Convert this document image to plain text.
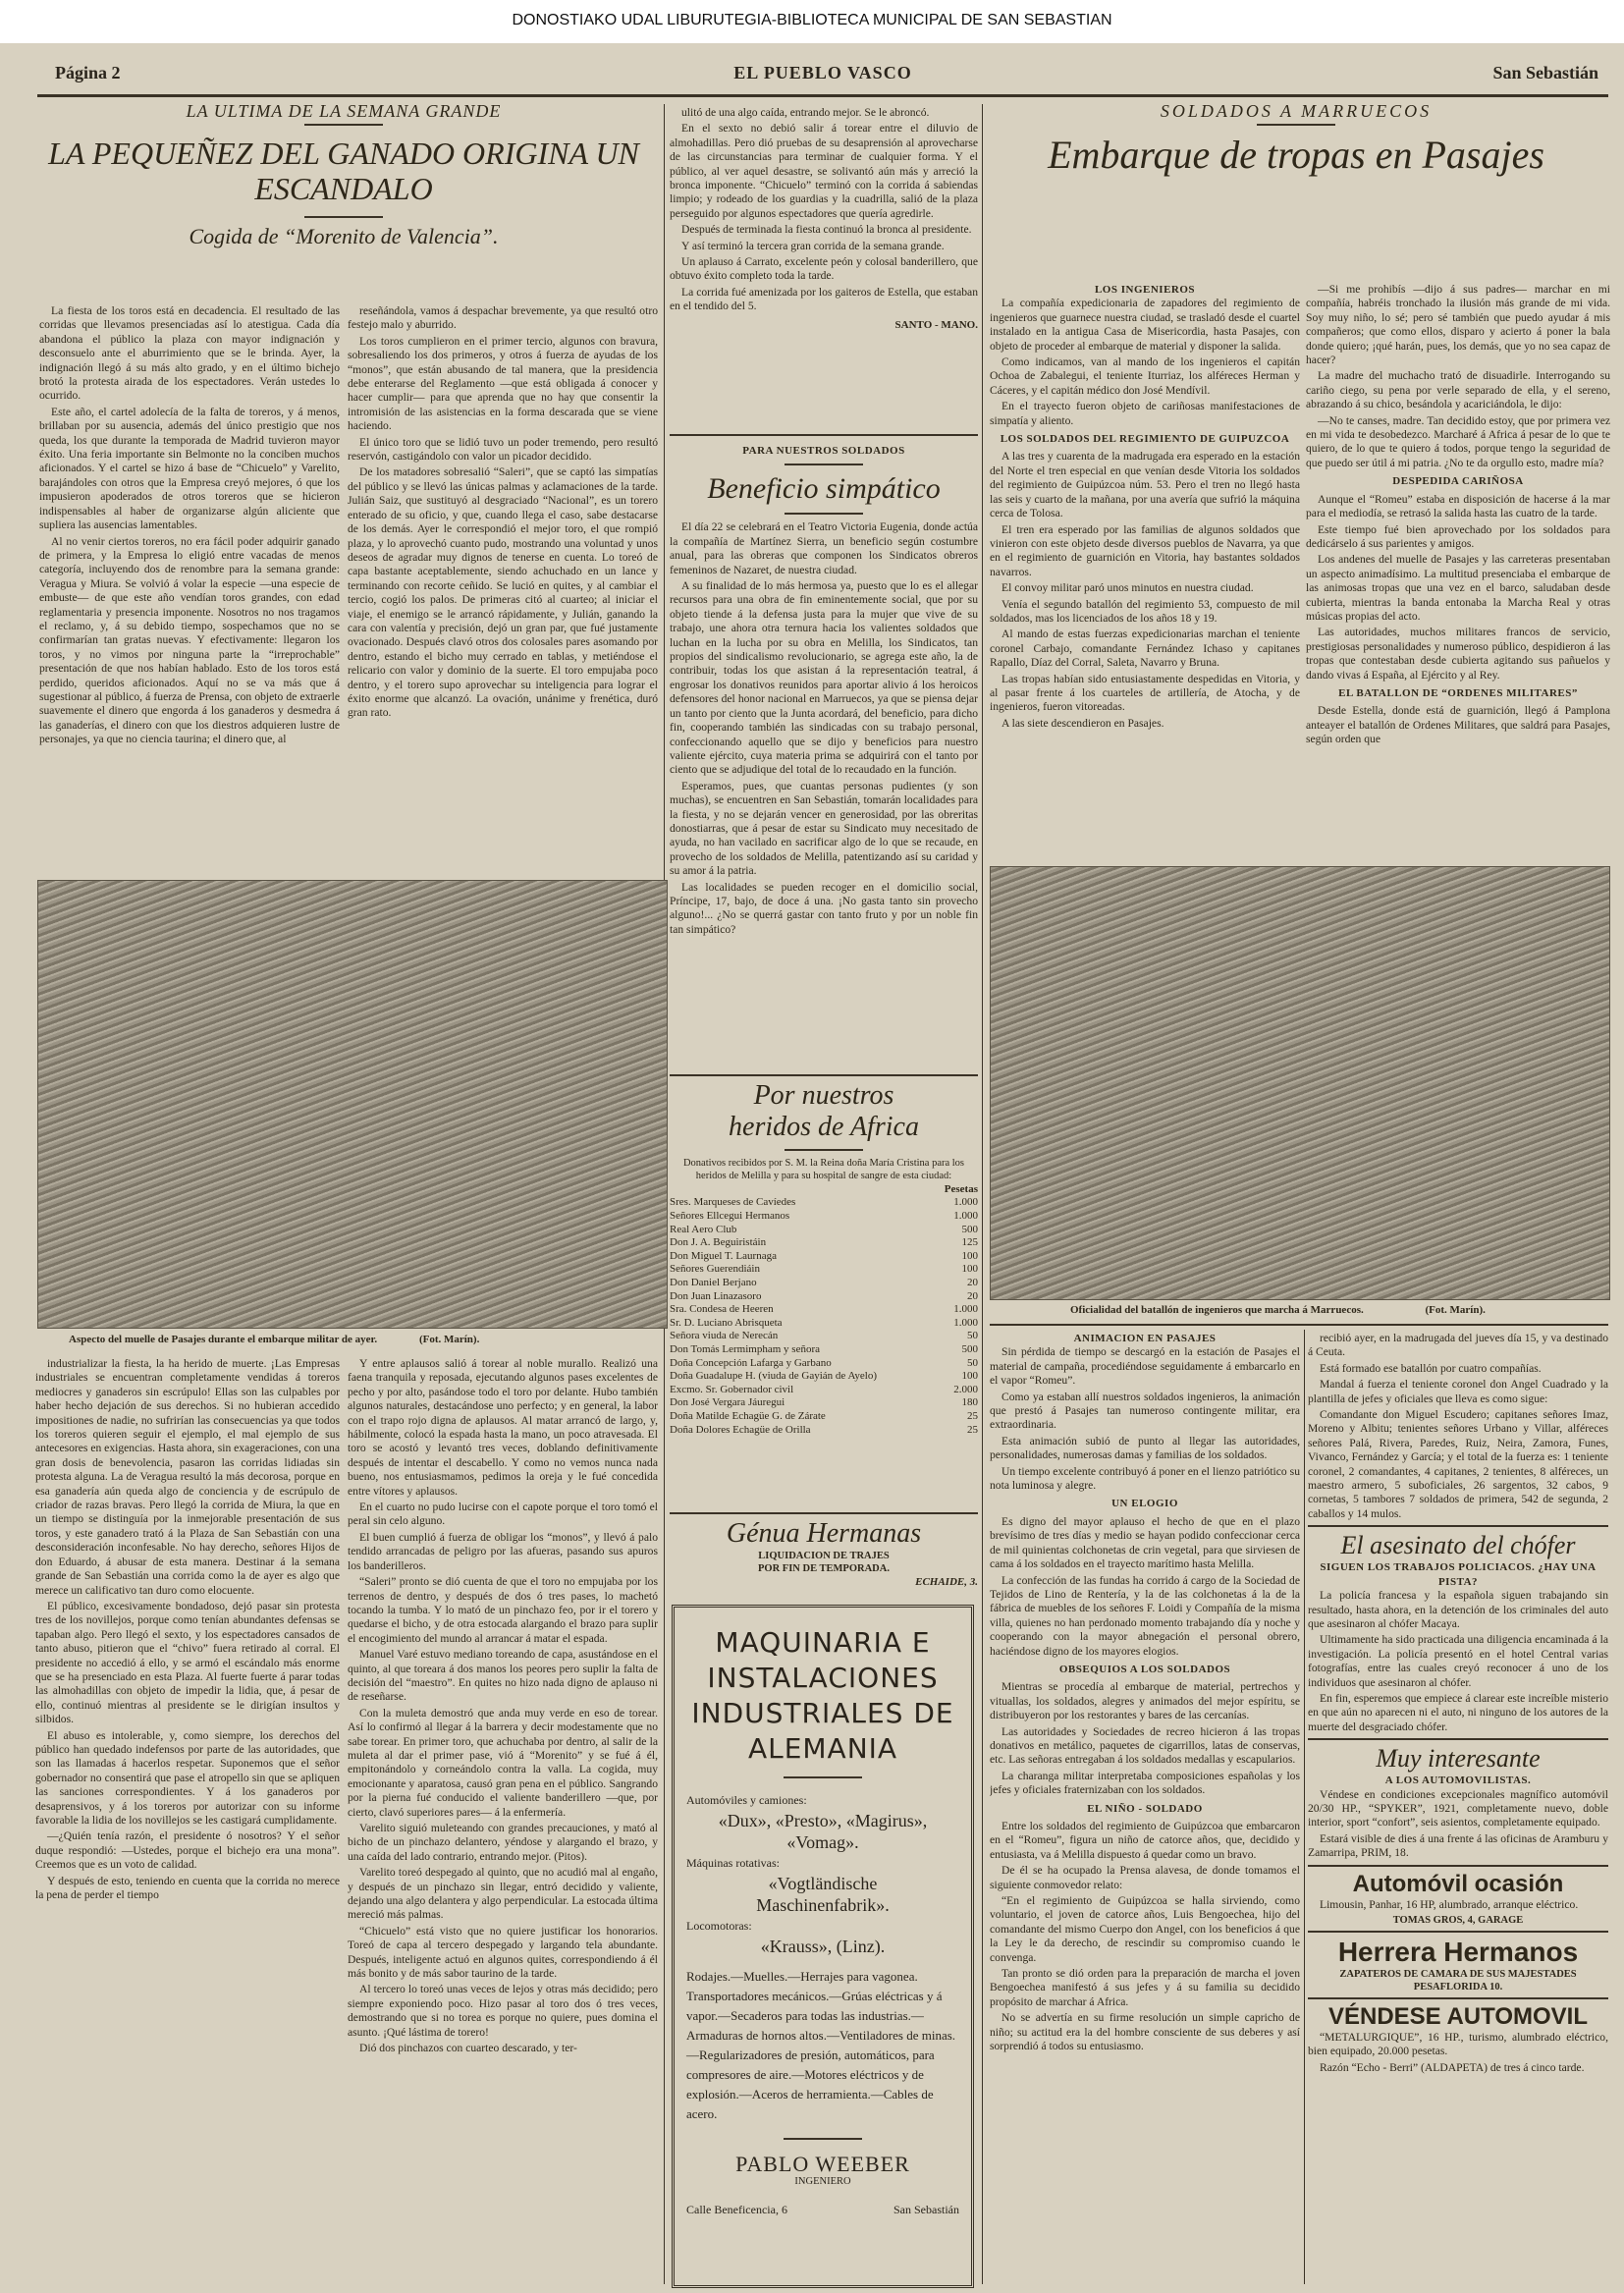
DONOSTIAKO UDAL LIBURUTEGIA-BIBLIOTECA MUNICIPAL DE SAN SEBASTIAN
Página 2	EL PUEBLO VASCO	San Sebastián
LA ULTIMA DE LA SEMANA GRANDE
LA PEQUEÑEZ DEL GANADO ORIGINA UN ESCANDALO
Cogida de “Morenito de Valencia”.

La fiesta de los toros está en decadencia. El resultado de las corridas que llevamos presenciadas así lo atestigua. Cada día abandona el público la plaza con mayor indignación y desconsuelo ante el aburrimiento que se le brinda. Ayer, la indignación llegó á su más alto grado, y en el último bichejo brotó la protesta airada de los espectadores. Verán ustedes lo ocurrido.

Este año, el cartel adolecía de la falta de toreros, y á menos, brillaban por su ausencia, además del único prestigio que nos queda, los que durante la temporada de Madrid tuvieron mayor éxito. Una feria importante sin Belmonte no la conciben muchos aficionados. Y el cartel se hizo á base de “Chicuelo” y Varelito, barajándoles con otros que la Empresa creyó mejores, ó que los impusieron apoderados de otros toreros que se hicieron indispensables al haber de organizarse algún aliciente que supliera las ausencias lamentables.

Al no venir ciertos toreros, no era fácil poder adquirir ganado de primera, y la Empresa lo eligió entre vacadas de menos categoría, incluyendo dos de renombre para la semana grande: Veragua y Miura. Se volvió á volar la especie —una especie de embuste— de que este año vendían toros grandes, con edad reglamentaria y presencia imponente. Nosotros no nos tragamos el reclamo, y, á su debido tiempo, sospechamos que no se confirmarían tan gratas nuevas. Y efectivamente: llegaron los toros, y no vimos por ninguna parte la “irreprochable” presentación de que nos habían hablado. Esto de los toros está perdido, queridos aficionados. Aquí no se va más que á sugestionar al público, á fuerza de Prensa, con objeto de extraerle suavemente el dinero que engorda á los ganaderos y desmedra á las ganaderías, el dinero con que los diestros adquieren lustre de personajes, ya que no ciencia taurina; el dinero que, al

reseñándola, vamos á despachar brevemente, ya que resultó otro festejo malo y aburrido.

Los toros cumplieron en el primer tercio, algunos con bravura, sobresaliendo los dos primeros, y otros á fuerza de ayudas de los “monos”, que están abusando de tal manera, que la presidencia debe enterarse del Reglamento —que está obligada á conocer y hacer cumplir— para que aprenda que no hay que consentir la intromisión de las asistencias en la forma descarada que se viene haciendo.

El único toro que se lidió tuvo un poder tremendo, pero resultó reservón, castigándolo con valor un picador decidido.

De los matadores sobresalió “Saleri”, que se captó las simpatías del público y se llevó las únicas palmas y aclamaciones de la tarde. Julián Saiz, que sustituyó al desgraciado “Nacional”, es un torero enterado de su oficio, y que, cuando llega el caso, sabe destacarse de los demás. Ayer le correspondió el mejor toro, el que rompió plaza, y lo aprovechó cuanto pudo, mostrando una voluntad y unos deseos de agradar muy dignos de tenerse en cuenta. Lo toreó de capa bastante aceptablemente, siendo achuchado en un lance y terminando con recorte ceñido. Se lució en quites, y al cambiar el tercio, cogió los palos. De primeras citó al cuarteo; al iniciar el viaje, el enemigo se le arrancó rápidamente, y Julián, ganando la cara con valentía y precisión, dejó un gran par, que fué justamente ovacionado. Después clavó otros dos colosales pares asomando por dentro, estando el bicho muy cerrado en tablas, y metiéndose el relicario con valor y dominio de la suerte. El toro empujaba poco dentro, y el torero supo aprovechar su inteligencia para lograr el éxito enorme que alcanzó. La ovación, unánime y frenética, duró gran rato.

ulitó de una algo caída, entrando mejor. Se le abroncó.

En el sexto no debió salir á torear entre el diluvio de almohadillas. Pero dió pruebas de su desaprensión al aprovecharse de las circunstancias para terminar de cualquier forma. Y el público, al ver aquel desastre, se solivantó aún más y arreció la bronca imponente. “Chicuelo” terminó con la corrida á sabiendas limpio; y rodeado de los guardias y la cuadrilla, salió de la plaza perseguido por algunos espectadores que quería agredirle.

Después de terminada la fiesta continuó la bronca al presidente.

Y así terminó la tercera gran corrida de la semana grande.

Un aplauso á Carrato, excelente peón y colosal banderillero, que obtuvo éxito completo toda la tarde.

La corrida fué amenizada por los gaiteros de Estella, que estaban en el tendido del 5.

SANTO - MANO.
Aspecto del muelle de Pasajes durante el embarque militar de ayer.	(Fot. Marín).

industrializar la fiesta, la ha herido de muerte. ¡Las Empresas industriales se encuentran completamente vendidas á toreros mediocres y ganaderos sin escrúpulo! Ellas son las culpables por haber hecho dejación de sus derechos. Si no hubieran accedido impositiones de nadie, no sufrirían las consecuencias ya que todos los toreros quieren seguir el ejemplo, el mal ejemplo de sus antecesores en exigencias. Hasta ahora, sin exageraciones, con una gran dosis de benevolencia, pasaron las corridas lidiadas sin protesta alguna. La de Veragua resultó la más decorosa, porque en esa ganadería aún queda algo de conciencia y de escrúpulo de criador de razas bravas. Pero llegó la corrida de Miura, la que en un tiempo se distinguía por la inmejorable presentación de sus toros, y este ganadero trató á la Plaza de San Sebastián con una desconsideración inconfesable. No hay derecho, señores Hijos de don Eduardo, á abusar de esta manera. Destinar á la semana grande de San Sebastián una corrida como la de ayer es algo que merece un calificativo tan duro como elocuente.

El público, excesivamente bondadoso, dejó pasar sin protesta tres de los novillejos, porque como tenían abundantes defensas se tapaban algo. Pero llegó el sexto, y los espectadores cansados de tanto abuso, pitieron que el “chivo” fuera retirado al corral. El presidente no accedió á ello, y se armó el escándalo más enorme que se ha presenciado en esta Plaza. Al fuerte fuerte á parar todas las almohadillas con objeto de impedir la lidia, que, á pesar de ello, continuó mientras al presidente se le dirigían insultos y silbidos.

El abuso es intolerable, y, como siempre, los derechos del público han quedado indefensos por parte de las autoridades, que son las llamadas á hacerlos respetar. Suponemos que el señor gobernador no consentirá que pase el atropello sin que se apliquen las sanciones correspondientes. Y á los ganaderos por desaprensivos, y á los toreros por autorizar con su informe favorable la lidia de los novillejos se les castigará cumplidamente.

—¿Quién tenía razón, el presidente ó nosotros? Y el señor duque respondió: —Ustedes, porque el bichejo era una mona”. Creemos que es un voto de calidad.

Y después de esto, teniendo en cuenta que la corrida no merece la pena de perder el tiempo

Y entre aplausos salió á torear al noble murallo. Realizó una faena tranquila y reposada, ejecutando algunos pases excelentes de pecho y por alto, pasándose todo el toro por delante. Hubo también algunos naturales, destacándose uno perfecto; y en general, la labor con el trapo rojo digna de aplausos. Al matar arrancó de largo, y, hábilmente, colocó la espada hasta la mano, un poco atravesada. El toro se acostó y levantó tres veces, doblando definitivamente después de intentar el descabello. Y como no vemos nunca nada bueno, nos entusiasmamos, pedimos la oreja y le fué concedida entre vítores y aplausos.

En el cuarto no pudo lucirse con el capote porque el toro tomó el peral sin celo alguno.

El buen cumplió á fuerza de obligar los “monos”, y llevó á palo tendido arrancadas de peligro por las afueras, pasando sus apuros los banderilleros.

“Saleri” pronto se dió cuenta de que el toro no empujaba por los terrenos de dentro, y después de dos ó tres pases, lo machetó tocando la tumba. Y lo mató de un pinchazo feo, por ir el torero y quedarse el bicho, y de otra estocada alargando el brazo para suplir el encogimiento del mundo al arrancar á matar el espada.

Manuel Varé estuvo mediano toreando de capa, asustándose en el quinto, al que toreara á dos manos los peores pero suplir la falta de decisión del “maestro”. En quites no hizo nada digno de aplauso ni de reseñarse.

Con la muleta demostró que anda muy verde en eso de torear. Así lo confirmó al llegar á la barrera y decir modestamente que no sabe torear. En primer toro, que achuchaba por dentro, al salir de la muleta al dar el primer pase, vió á “Morenito” y se fué á él, empitonándolo y corneándolo contra la valla. La cogida, muy emocionante y aparatosa, causó gran pena en el público. Sangrando por la pierna fué conducido el valiente banderillero —que, por cierto, clavó superiores pares— á la enfermería.

Varelito siguió muleteando con grandes precauciones, y mató al bicho de un pinchazo delantero, yéndose y alargando el brazo, y una caída del lado contrario, entrando mejor. (Pitos).

Varelito toreó despegado al quinto, que no acudió mal al engaño, y después de un pinchazo sin llegar, entró decidido y valiente, dejando una algo delantera y algo perpendicular. La estocada última mereció más palmas.

“Chicuelo” está visto que no quiere justificar los honorarios. Toreó de capa al tercero despegado y largando tela abundante. Después, inteligente actuó en algunos quites, correspondiendo á él más bonito y de más sabor taurino de la tarde.

Al tercero lo toreó unas veces de lejos y otras más decidido; pero siempre exponiendo poco. Hizo pasar al toro dos ó tres veces, demostrando que si no torea es porque no quiere, pues domina el asunto. ¡Qué lástima de torero!

Dió dos pinchazos con cuarteo descarado, y ter-

PARA NUESTROS SOLDADOS
Beneficio simpático

El día 22 se celebrará en el Teatro Victoria Eugenia, donde actúa la compañía de Martínez Sierra, un beneficio según costumbre anual, para las obreras que componen los Sindicatos obreros femeninos de Nazaret, de nuestra ciudad.

A su finalidad de lo más hermosa ya, puesto que lo es el allegar recursos para una obra de fin eminentemente social, que por su objeto tiende á la defensa justa para la mujer que vive de su trabajo, une ahora otra ternura hacia los valientes soldados que luchan en la lucha por su obra en Melilla, los Sindicatos, tan propios del sindicalismo revolucionario, se agrega este año, la de contribuir, todas los que asistan á la representación teatral, á engrosar los donativos reunidos para aportar alivio á los heroicos defensores del honor nacional en Marruecos, ya que se piensa dejar un tanto por ciento que la Junta acordará, del beneficio, para dicho fin, cooperando también las sindicadas con su trabajo personal, confeccionando aquello que se dijo y beneficios para nuestro valiente ejército, cuya materia prima se adquirirá con el tanto por ciento que se adjudique del total de lo recaudado en la función.

Esperamos, pues, que cuantas personas pudientes (y son muchas), se encuentren en San Sebastián, tomarán localidades para la fiesta, y no se dejarán vencer en generosidad, por las obreritas donostiarras, que á pesar de estar su Sindicato muy necesitado de ayuda, no han vacilado en sacrificar algo de lo que se recaude, en provecho de los soldados de Melilla, patentizando así su caridad y su amor á la patria.

Las localidades se pueden recoger en el domicilio social, Príncipe, 17, bajo, de doce á una. ¡No gasta tanto sin provecho alguno!... ¿No se querrá gastar con tanto fruto y por un noble fin tan simpático?

Por nuestros heridos de Africa
Donativos recibidos por S. M. la Reina doña María Cristina para los heridos de Melilla y para su hospital de sangre de esta ciudad:
Pesetas
Sres. Marqueses de Cavíedes	1.000
Señores Ellcegui Hermanos	1.000
Real Aero Club	500
Don J. A. Beguiristáin	125
Don Miguel T. Laurnaga	100
Señores Guerendiáin	100
Don Daniel Berjano	20
Don Juan Linazasoro	20
Sra. Condesa de Heeren	1.000
Sr. D. Luciano Abrisqueta	1.000
Señora viuda de Nerecán	50
Don Tomás Lermimpham y señora	500
Doña Concepción Lafarga y Garbano	50
Doña Guadalupe H. (viuda de Gayián de Ayelo)	100
Excmo. Sr. Gobernador civil	2.000
Don José Vergara Jáuregui	180
Doña Matilde Echagüe G. de Zárate	25
Doña Dolores Echagüe de Orilla	25
Génua Hermanas
LIQUIDACION DE TRAJES
POR FIN DE TEMPORADA.
ECHAIDE, 3.
MAQUINARIA E INSTALACIONES INDUSTRIALES DE ALEMANIA
Automóviles y camiones:
«Dux», «Presto», «Magirus», «Vomag».
Máquinas rotativas:
«Vogtländische Maschinenfabrik».
Locomotoras:
«Krauss», (Linz).
Rodajes.—Muelles.—Herrajes para vagonea. Transportadores mecánicos.—Grúas eléctricas y á vapor.—Secaderos para todas las industrias.—Armaduras de hornos altos.—Ventiladores de minas.—Regularizadores de presión, automáticos, para compresores de aire.—Motores eléctricos y de explosión.—Aceros de herramienta.—Cables de acero.
PABLO WEEBER
INGENIERO
Calle Beneficencia, 6	San Sebastián
SOLDADOS A MARRUECOS
Embarque de tropas en Pasajes
LOS INGENIEROS

La compañía expedicionaria de zapadores del regimiento de ingenieros que guarnece nuestra ciudad, se trasladó desde el cuartel instalado en la antigua Casa de Misericordia, hasta Pasajes, con objeto de proceder al embarque de material y disponer la salida.

Como indicamos, van al mando de los ingenieros el capitán Ochoa de Zabalegui, el teniente Iturriaz, los alféreces Herman y Cáceres, y el capitán médico don José Mendívil.

En el trayecto fueron objeto de cariñosas manifestaciones de simpatía y aliento.

LOS SOLDADOS DEL REGIMIENTO DE GUIPUZCOA

A las tres y cuarenta de la madrugada era esperado en la estación del Norte el tren especial en que venían desde Vitoria los soldados del regimiento de Guipúzcoa núm. 53. Pero el tren no llegó hasta las seis y cuarto de la mañana, por una avería que sufrió la máquina cerca de Tolosa.

El tren era esperado por las familias de algunos soldados que vinieron con este objeto desde diversos pueblos de Navarra, ya que en el regimiento de guarnición en Vitoria, hay bastantes soldados navarros.

El convoy militar paró unos minutos en nuestra ciudad.

Venía el segundo batallón del regimiento 53, compuesto de mil soldados, mas los licenciados de los años 18 y 19.

Al mando de estas fuerzas expedicionarias marchan el teniente coronel Carbajo, comandante Fernández Ichaso y capitanes Rapallo, Díaz del Corral, Saleta, Navarro y Bruna.

Las tropas habían sido entusiastamente despedidas en Vitoria, y al pasar frente á los cuarteles de artillería, de Atocha, y de ingenieros, fueron vitoreadas.

A las siete descendieron en Pasajes.

—Si me prohibís —dijo á sus padres— marchar en mi compañía, habréis tronchado la ilusión más grande de mi vida. Soy muy niño, lo sé; pero sé también que puedo ayudar á mis compañeros; que como ellos, disparo y acierto á poner la bala donde quiero; ¡qué harán, pues, los demás, que yo no sea capaz de hacer?

La madre del muchacho trató de disuadirle. Interrogando su cariño ciego, su pena por verle separado de ella, y el sereno, abrazando á su chico, besándola y acariciándola, le dijo:

—No te canses, madre. Tan decidido estoy, que por primera vez en mi vida te desobedezco. Marcharé á Africa á pesar de lo que te quiero, de lo que te quiero á todos, porque tengo la seguridad de que puedo ser útil á mi patria. ¿No te da orgullo esto, madre mía?

DESPEDIDA CARIÑOSA

Aunque el “Romeu” estaba en disposición de hacerse á la mar para el mediodía, se retrasó la salida hasta las cuatro de la tarde.

Este tiempo fué bien aprovechado por los soldados para dedicárselo á sus parientes y amigos.

Los andenes del muelle de Pasajes y las carreteras presentaban un aspecto animadísimo. La multitud presenciaba el embarque de las animosas tropas que una vez en el barco, saludaban desde cubierta, mientras la banda entonaba la Marcha Real y otras músicas propias del acto.

Las autoridades, muchos militares francos de servicio, prestigiosas personalidades y numeroso público, despidieron á las tropas que contestaban desde cubierta agitando sus pañuelos y dando vivas á España, al Ejército y al Rey.

EL BATALLON DE “ORDENES MILITARES”

Desde Estella, donde está de guarnición, llegó á Pamplona anteayer el batallón de Ordenes Militares, que saldrá para Pasajes, según orden que

Oficialidad del batallón de ingenieros que marcha á Marruecos.	(Fot. Marín).
ANIMACION EN PASAJES

Sin pérdida de tiempo se descargó en la estación de Pasajes el material de campaña, procediéndose seguidamente á embarcarlo en el vapor “Romeu”.

Como ya estaban allí nuestros soldados ingenieros, la animación que prestó á Pasajes tan numeroso contingente militar, era extraordinaria.

Esta animación subió de punto al llegar las autoridades, personalidades, numerosas damas y familias de los soldados.

Un tiempo excelente contribuyó á poner en el lienzo patriótico su nota luminosa y alegre.

UN ELOGIO

Es digno del mayor aplauso el hecho de que en el plazo brevísimo de tres días y medio se hayan podido confeccionar cerca de mil quinientas colchonetas de crin vegetal, para que sirviesen de cama á los soldados en el trayecto marítimo hasta Melilla.

La confección de las fundas ha corrido á cargo de la Sociedad de Tejidos de Lino de Rentería, y la de las colchonetas á la de la fábrica de muebles de los señores F. Loidi y Compañía de la misma villa, quienes no han perdonado momento trabajando día y noche y cooperando con la mayor abnegación el personal obrero, haciéndose digno de los mayores elogios.

OBSEQUIOS A LOS SOLDADOS

Mientras se procedía al embarque de material, pertrechos y vituallas, los soldados, alegres y animados del mejor espíritu, se distribuyeron por los restorantes y bares de las cercanías.

Las autoridades y Sociedades de recreo hicieron á las tropas donativos en metálico, paquetes de cigarrillos, latas de conservas, etc. Las señoras entregaban á los soldados medallas y escapularios.

La charanga militar interpretaba composiciones españolas y los jefes y oficiales fraternizaban con los soldados.

EL NIÑO - SOLDADO

Entre los soldados del regimiento de Guipúzcoa que embarcaron en el “Romeu”, figura un niño de catorce años, que, decidido y entusiasta, va á Melilla dispuesto á quedar como un bravo.

De él se ha ocupado la Prensa alavesa, de donde tomamos el siguiente conmovedor relato:

“En el regimiento de Guipúzcoa se halla sirviendo, como voluntario, el joven de catorce años, Luis Bengoechea, hijo del comandante del mismo Cuerpo don Angel, con los beneficios á que la Ley le da derecho, de rescindir su compromiso cuando le convenga.

Tan pronto se dió orden para la preparación de marcha el joven Bengoechea manifestó á sus jefes y á su familia su decidido propósito de marchar á Africa.

No se advertía en su firme resolución un simple capricho de niño; su actitud era la del hombre consciente de sus deberes y así sorprendió á todos su entusiasmo.

recibió ayer, en la madrugada del jueves día 15, y va destinado á Ceuta.

Está formado ese batallón por cuatro compañías.

Mandal á fuerza el teniente coronel don Angel Cuadrado y la plantilla de jefes y oficiales que lleva es como sigue:

Comandante don Miguel Escudero; capitanes señores Imaz, Moreno y Albitu; tenientes señores Urbano y Villar, alféreces señores Palá, Rivera, Paredes, Ruiz, Neira, Zamora, Funes, Vivanco, Fernández y García; y el total de la fuerza es: 1 teniente coronel, 2 comandantes, 4 capitanes, 2 tenientes, 8 alféreces, un maestro armero, 5 suboficiales, 26 sargentos, 32 cabos, 9 cornetas, 5 tambores 7 soldados de primera, 542 de segunda, 2 caballos y 14 mulos.

El asesinato del chófer
SIGUEN LOS TRABAJOS POLICIACOS. ¿HAY UNA PISTA?

La policía francesa y la española siguen trabajando sin resultado, hasta ahora, en la detención de los criminales del auto que asesinaron al chófer Macaya.

Ultimamente ha sido practicada una diligencia encaminada á la investigación. La policía presentó en el hotel Central varias fotografías, entre las cuales creyó reconocer á uno de los individuos que asesinaron al chófer.

En fin, esperemos que empiece á clarear este increíble misterio en que aún no aparecen ni el auto, ni ninguno de los autores de la muerte del desgraciado chófer.

Muy interesante
A LOS AUTOMOVILISTAS.

Véndese en condiciones excepcionales magnífico automóvil 20/30 HP., “SPYKER”, 1921, completamente nuevo, doble interior, sport “confort”, seis asientos, completamente equipado.

Estará visible de dies á una frente á las oficinas de Aramburu y Zamarripa, PRIM, 18.

Automóvil ocasión

Limousin, Panhar, 16 HP, alumbrado, arranque eléctrico.

TOMAS GROS, 4, GARAGE
Herrera Hermanos
ZAPATEROS DE CAMARA DE SUS MAJESTADES
PESAFLORIDA 10.
VÉNDESE AUTOMOVIL

“METALURGIQUE”, 16 HP., turismo, alumbrado eléctrico, bien equipado, 20.000 pesetas.

Razón “Echo - Berri” (ALDAPETA) de tres á cinco tarde.
